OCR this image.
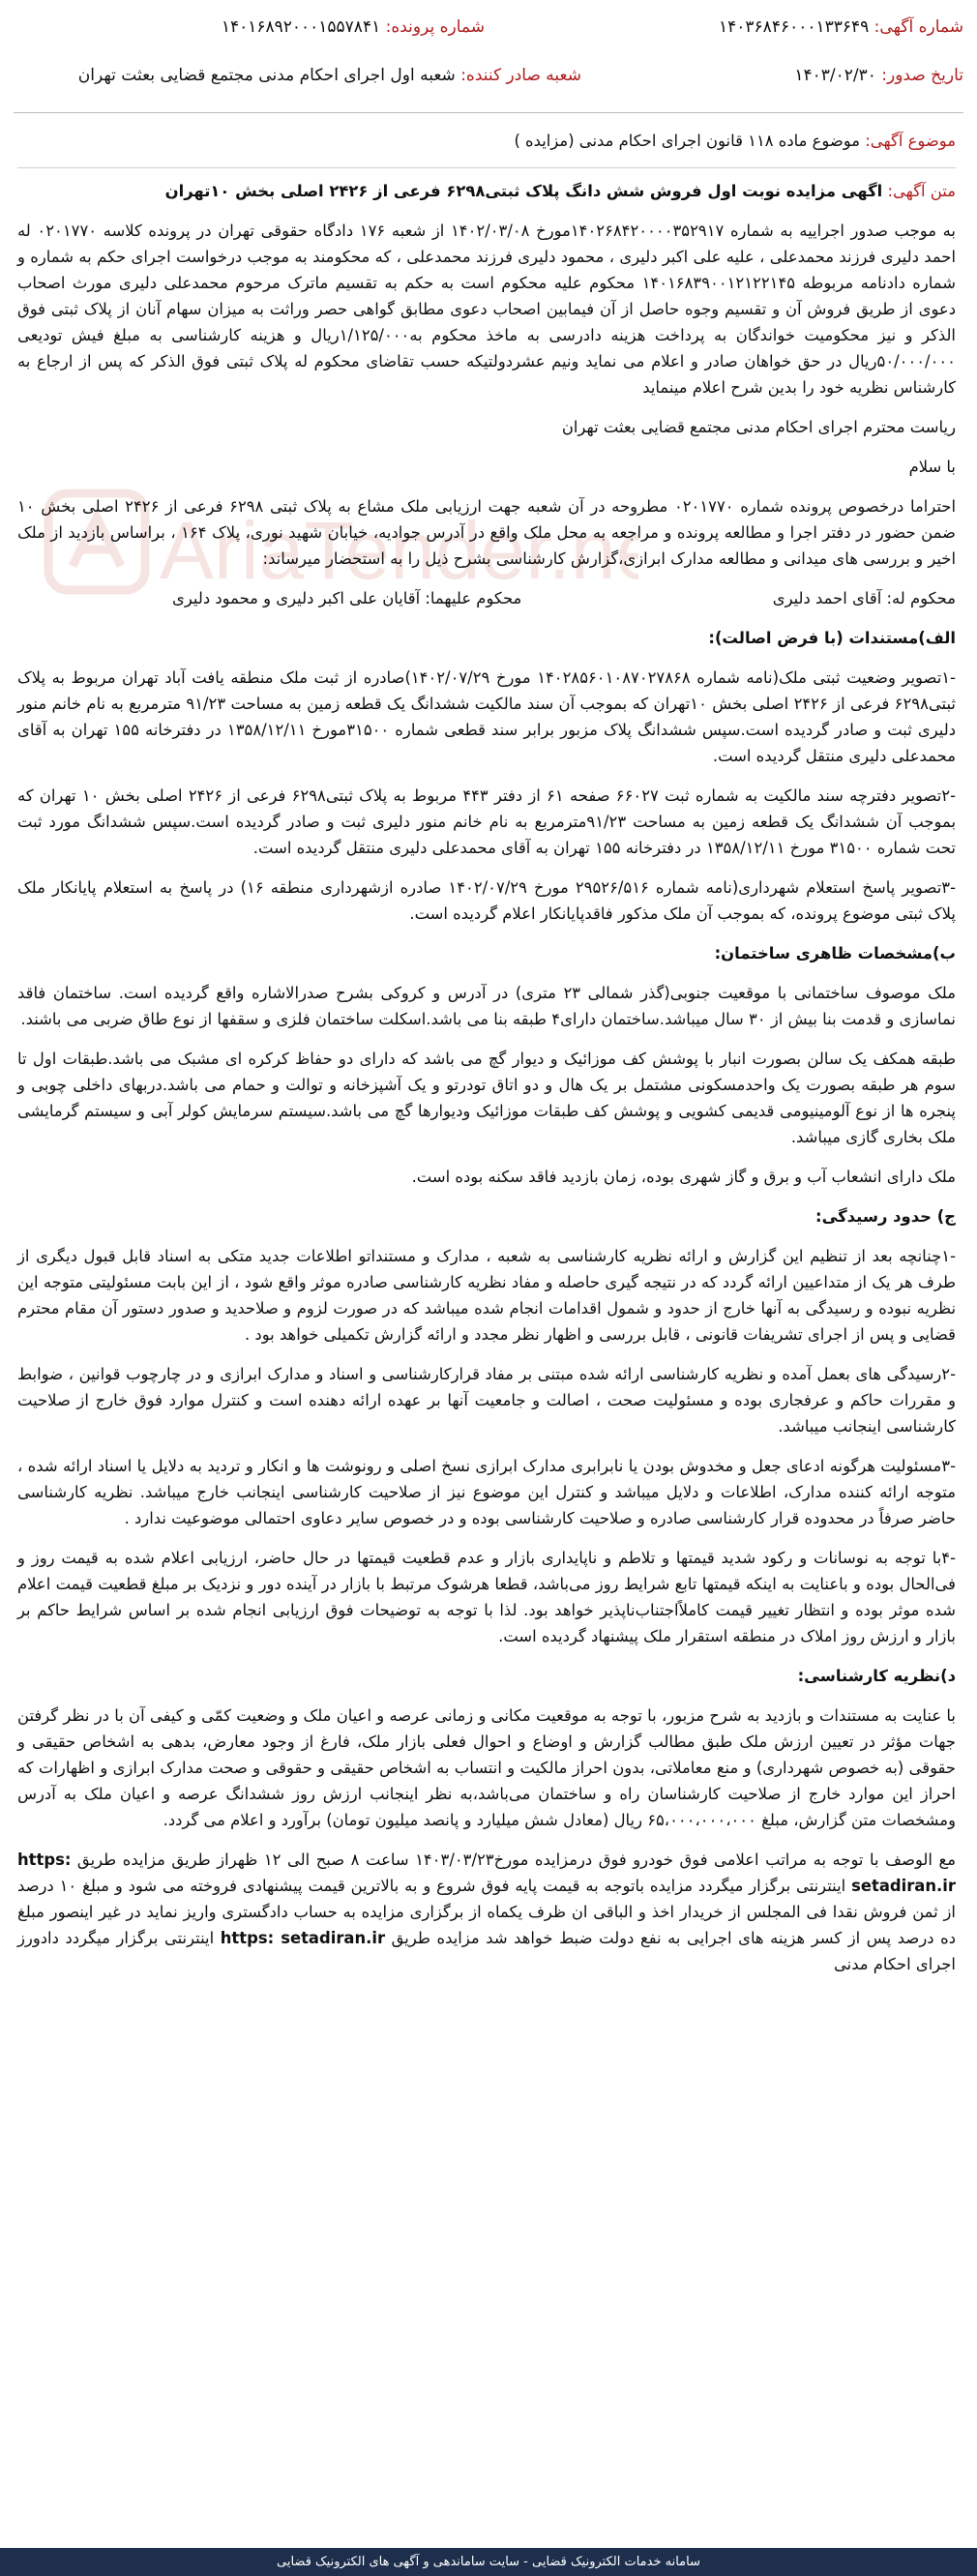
AriaTender.n
شماره آگهی: ۱۴۰۳۶۸۴۶۰۰۰۱۳۳۶۴۹
شماره پرونده: ۱۴۰۱۶۸۹۲۰۰۰۱۵۵۷۸۴۱
تاریخ صدور: ۱۴۰۳/۰۲/۳۰
شعبه صادر کننده: شعبه اول اجرای احکام مدنی مجتمع قضایی بعثت تهران

موضوع آگهی: موضوع ماده ۱۱۸ قانون اجرای احکام مدنی (مزایده )

متن آگهی: اگهی مزایده نوبت اول فروش شش دانگ پلاک ثبتی۶۲۹۸ فرعی از ۲۴۲۶ اصلی بخش ۱۰تهران

به موجب صدور اجراییه به شماره ۱۴۰۲۶۸۴۲۰۰۰۰۳۵۲۹۱۷مورخ ۱۴۰۲/۰۳/۰۸ از شعبه ۱۷۶ دادگاه حقوقی تهران در پرونده کلاسه ۰۲۰۱۷۷۰ له احمد دلیری فرزند محمدعلی ، علیه علی اکبر دلیری ، محمود دلیری فرزند محمدعلی ، که محکومند به موجب درخواست اجرای حکم به شماره و شماره دادنامه مربوطه ۱۴۰۱۶۸۳۹۰۰۱۲۱۲۲۱۴۵ محکوم علیه محکوم است به حکم به تقسیم ماترک مرحوم محمدعلی دلیری مورث اصحاب دعوی از طریق فروش آن و تقسیم وجوه حاصل از آن فیمابین اصحاب دعوی مطابق گواهی حصر وراثت به میزان سهام آنان از پلاک ثبتی فوق الذکر و نیز محکومیت خواندگان به پرداخت هزینه دادرسی به ماخذ محکوم به۱/۱۲۵/۰۰۰ریال و هزینه کارشناسی به مبلغ فیش تودیعی ۵۰/۰۰۰/۰۰۰ریال در حق خواهان صادر و اعلام می نماید ونیم عشردولتیکه حسب تقاضای محکوم له پلاک ثبتی فوق الذکر که پس از ارجاع به کارشناس نظریه خود را بدین شرح اعلام مینماید

ریاست محترم اجرای احکام مدنی مجتمع قضایی بعثت تهران

با سلام

احتراما درخصوص پرونده شماره ۰۲۰۱۷۷۰ مطروحه در آن شعبه جهت ارزیابی ملک مشاع به پلاک ثبتی ۶۲۹۸ فرعی از ۲۴۲۶ اصلی بخش ۱۰ ضمن حضور در دفتر اجرا و مطالعه پرونده و مراجعه به محل ملک واقع در آدرس جوادیه، خیابان شهید نوری، پلاک ۱۶۴ ، براساس بازدید از ملک اخیر و بررسی های میدانی و مطالعه مدارک ابرازی،گزارش کارشناسی بشرح ذیل را به استحضار میرساند:

محکوم له: آقای احمد دلیری
محکوم علیهما: آقایان علی اکبر دلیری و محمود دلیری

الف)مستندات (با فرض اصالت):

-۱تصویر وضعیت ثبتی ملک(نامه شماره ۱۴۰۲۸۵۶۰۱۰۸۷۰۲۷۸۶۸ مورخ ۱۴۰۲/۰۷/۲۹)صادره از ثبت ملک منطقه یافت آباد تهران مربوط به پلاک ثبتی۶۲۹۸ فرعی از ۲۴۲۶ اصلی بخش ۱۰تهران که بموجب آن سند مالکیت ششدانگ یک قطعه زمین به مساحت ۹۱/۲۳ مترمربع به نام خانم منور دلیری ثبت و صادر گردیده است.سپس ششدانگ پلاک مزبور برابر سند قطعی شماره ۳۱۵۰۰مورخ ۱۳۵۸/۱۲/۱۱ در دفترخانه ۱۵۵ تهران به آقای محمدعلی دلیری منتقل گردیده است.

-۲تصویر دفترچه سند مالکیت به شماره ثبت ۶۶۰۲۷ صفحه ۶۱ از دفتر ۴۴۳ مربوط به پلاک ثبتی۶۲۹۸ فرعی از ۲۴۲۶ اصلی بخش ۱۰ تهران که بموجب آن ششدانگ یک قطعه زمین به مساحت ۹۱/۲۳مترمربع به نام خانم منور دلیری ثبت و صادر گردیده است.سپس ششدانگ مورد ثبت تحت شماره ۳۱۵۰۰ مورخ ۱۳۵۸/۱۲/۱۱ در دفترخانه ۱۵۵ تهران به آقای محمدعلی دلیری منتقل گردیده است.

-۳تصویر پاسخ استعلام شهرداری(نامه شماره ۲۹۵۲۶/۵۱۶ مورخ ۱۴۰۲/۰۷/۲۹ صادره ازشهرداری منطقه ۱۶) در پاسخ به استعلام پایانکار ملک پلاک ثبتی موضوع پرونده، که بموجب آن ملک مذکور فاقدپایانکار اعلام گردیده است.

ب)مشخصات ظاهری ساختمان:

ملک موصوف ساختمانی با موقعیت جنوبی(گذر شمالی ۲۳ متری) در آدرس و کروکی بشرح صدرالاشاره واقع گردیده است. ساختمان فاقد نماسازی و قدمت بنا بیش از ۳۰ سال میباشد.ساختمان دارای۴ طبقه بنا می باشد.اسکلت ساختمان فلزی و سقفها از نوع طاق ضربی می باشند.

طبقه همکف یک سالن بصورت انبار با پوشش کف موزائیک و دیوار گچ می باشد که دارای دو حفاظ کرکره ای مشبک می باشد.طبقات اول تا سوم هر طبقه بصورت یک واحدمسکونی مشتمل بر یک هال و دو اتاق تودرتو و یک آشپزخانه و توالت و حمام می باشد.دربهای داخلی چوبی و پنجره ها از نوع آلومینیومی قدیمی کشویی و پوشش کف طبقات موزائیک ودیوارها گچ می باشد.سیستم سرمایش کولر آبی و سیستم گرمایشی ملک بخاری گازی میباشد.

ملک دارای انشعاب آب و برق و گاز شهری بوده، زمان بازدید فاقد سکنه بوده است.

ج) حدود رسیدگی:

-۱چنانچه بعد از تنظیم این گزارش و ارائه نظریه کارشناسی به شعبه ، مدارک و مستنداتو اطلاعات جدید متکی به اسناد قابل قبول دیگری از طرف هر یک از متداعیین ارائه گردد که در نتیجه گیری حاصله و مفاد نظریه کارشناسی صادره موثر واقع شود ، از این بابت مسئولیتی متوجه این نظریه نبوده و رسیدگی به آنها خارج از حدود و شمول اقدامات انجام شده میباشد که در صورت لزوم و صلاحدید و صدور دستور آن مقام محترم قضایی و پس از اجرای تشریفات قانونی ، قابل بررسی و اظهار نظر مجدد و ارائه گزارش تکمیلی خواهد بود .

-۲رسیدگی های بعمل آمده و نظریه کارشناسی ارائه شده مبتنی بر مفاد قرارکارشناسی و اسناد و مدارک ابرازی و در چارچوب قوانین ، ضوابط و مقررات حاکم و عرفجاری بوده و مسئولیت صحت ، اصالت و جامعیت آنها بر عهده ارائه دهنده است و کنترل موارد فوق خارج از صلاحیت کارشناسی اینجانب میباشد.

-۳مسئولیت هرگونه ادعای جعل و مخدوش بودن یا نابرابری مدارک ابرازی نسخ اصلی و رونوشت ها و انکار و تردید به دلایل یا اسناد ارائه شده ، متوجه ارائه کننده مدارک، اطلاعات و دلایل میباشد و کنترل این موضوع نیز از صلاحیت کارشناسی اینجانب خارج میباشد. نظریه کارشناسی حاضر صرفاً در محدوده قرار کارشناسی صادره و صلاحیت کارشناسی بوده و در خصوص سایر دعاوی احتمالی موضوعیت ندارد .

-۴با توجه به نوسانات و رکود شدید قیمتها و تلاطم و ناپایداری بازار و عدم قطعیت قیمتها در حال حاضر، ارزیابی اعلام شده به قیمت روز و فی‌الحال بوده و باعنایت به اینکه قیمتها تابع شرایط روز می‌باشد، قطعا هرشوک مرتبط با بازار در آینده دور و نزدیک بر مبلغ قطعیت قیمت اعلام شده موثر بوده و انتظار تغییر قیمت کاملاًاجتناب‌ناپذیر خواهد بود. لذا با توجه به توضیحات فوق ارزیابی انجام شده بر اساس شرایط حاکم بر بازار و ارزش روز املاک در منطقه استقرار ملک پیشنهاد گردیده است.

د)نظریه کارشناسی:

با عنایت به مستندات و بازدید به شرح مزبور، با توجه به موقعیت مکانی و زمانی عرصه و اعیان ملک و وضعیت کمّی و کیفی آن با در نظر گرفتن جهات مؤثر در تعیین ارزش ملک طبق مطالب گزارش و اوضاع و احوال فعلی بازار ملک، فارغ از وجود معارض، بدهی به اشخاص حقیقی و حقوقی (به خصوص شهرداری) و منع معاملاتی، بدون احراز مالکیت و انتساب به اشخاص حقیقی و حقوقی و صحت مدارک ابرازی و اظهارات که احراز این موارد خارج از صلاحیت کارشناسان راه و ساختمان می‌باشد،به نظر اینجانب ارزش روز ششدانگ عرصه و اعیان ملک به آدرس ومشخصات متن گزارش، مبلغ ۶۵،۰۰۰،۰۰۰،۰۰۰ ریال (معادل شش میلیارد و پانصد میلیون تومان) برآورد و اعلام می گردد.

مع الوصف با توجه به مراتب اعلامی فوق خودرو فوق درمزایده مورخ۱۴۰۳/۰۳/۲۳ ساعت ۸ صبح الی ۱۲ ظهراز طریق مزایده طریق https: setadiran.ir اینترنتی برگزار میگردد مزایده باتوجه به قیمت پایه فوق شروع و به بالاترین قیمت پیشنهادی فروخته می شود و مبلغ ۱۰ درصد از ثمن فروش نقدا فی المجلس از خریدار اخذ و الباقی ان ظرف یکماه از برگزاری مزایده به حساب دادگستری واریز نماید در غیر اینصور مبلغ ده درصد پس از کسر هزینه های اجرایی به نفع دولت ضبط خواهد شد مزایده طریق https: setadiran.ir اینترنتی برگزار میگردد دادورز اجرای احکام مدنی

سامانه خدمات الکترونیک قضایی - سایت ساماندهی و آگهی های الکترونیک قضایی
